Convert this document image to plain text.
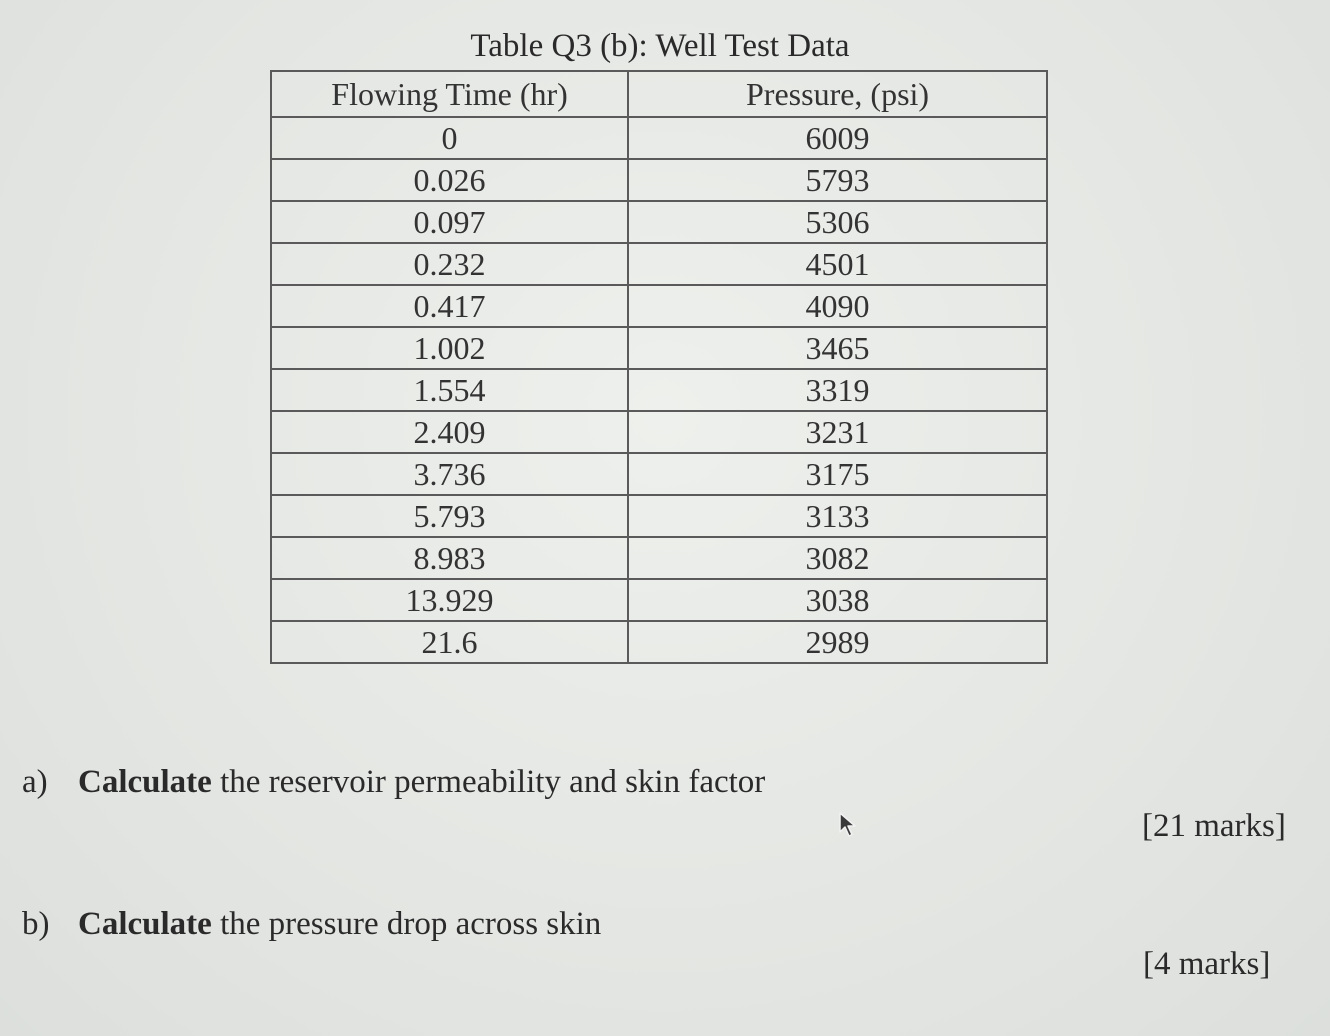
Table Q3 (b): Well Test Data
Flowing Time (hr)	Pressure, (psi)
0	6009
0.026	5793
0.097	5306
0.232	4501
0.417	4090
1.002	3465
1.554	3319
2.409	3231
3.736	3175
5.793	3133
8.983	3082
13.929	3038
21.6	2989
a) Calculate the reservoir permeability and skin factor
[21 marks]
b) Calculate the pressure drop across skin
[4 marks]
